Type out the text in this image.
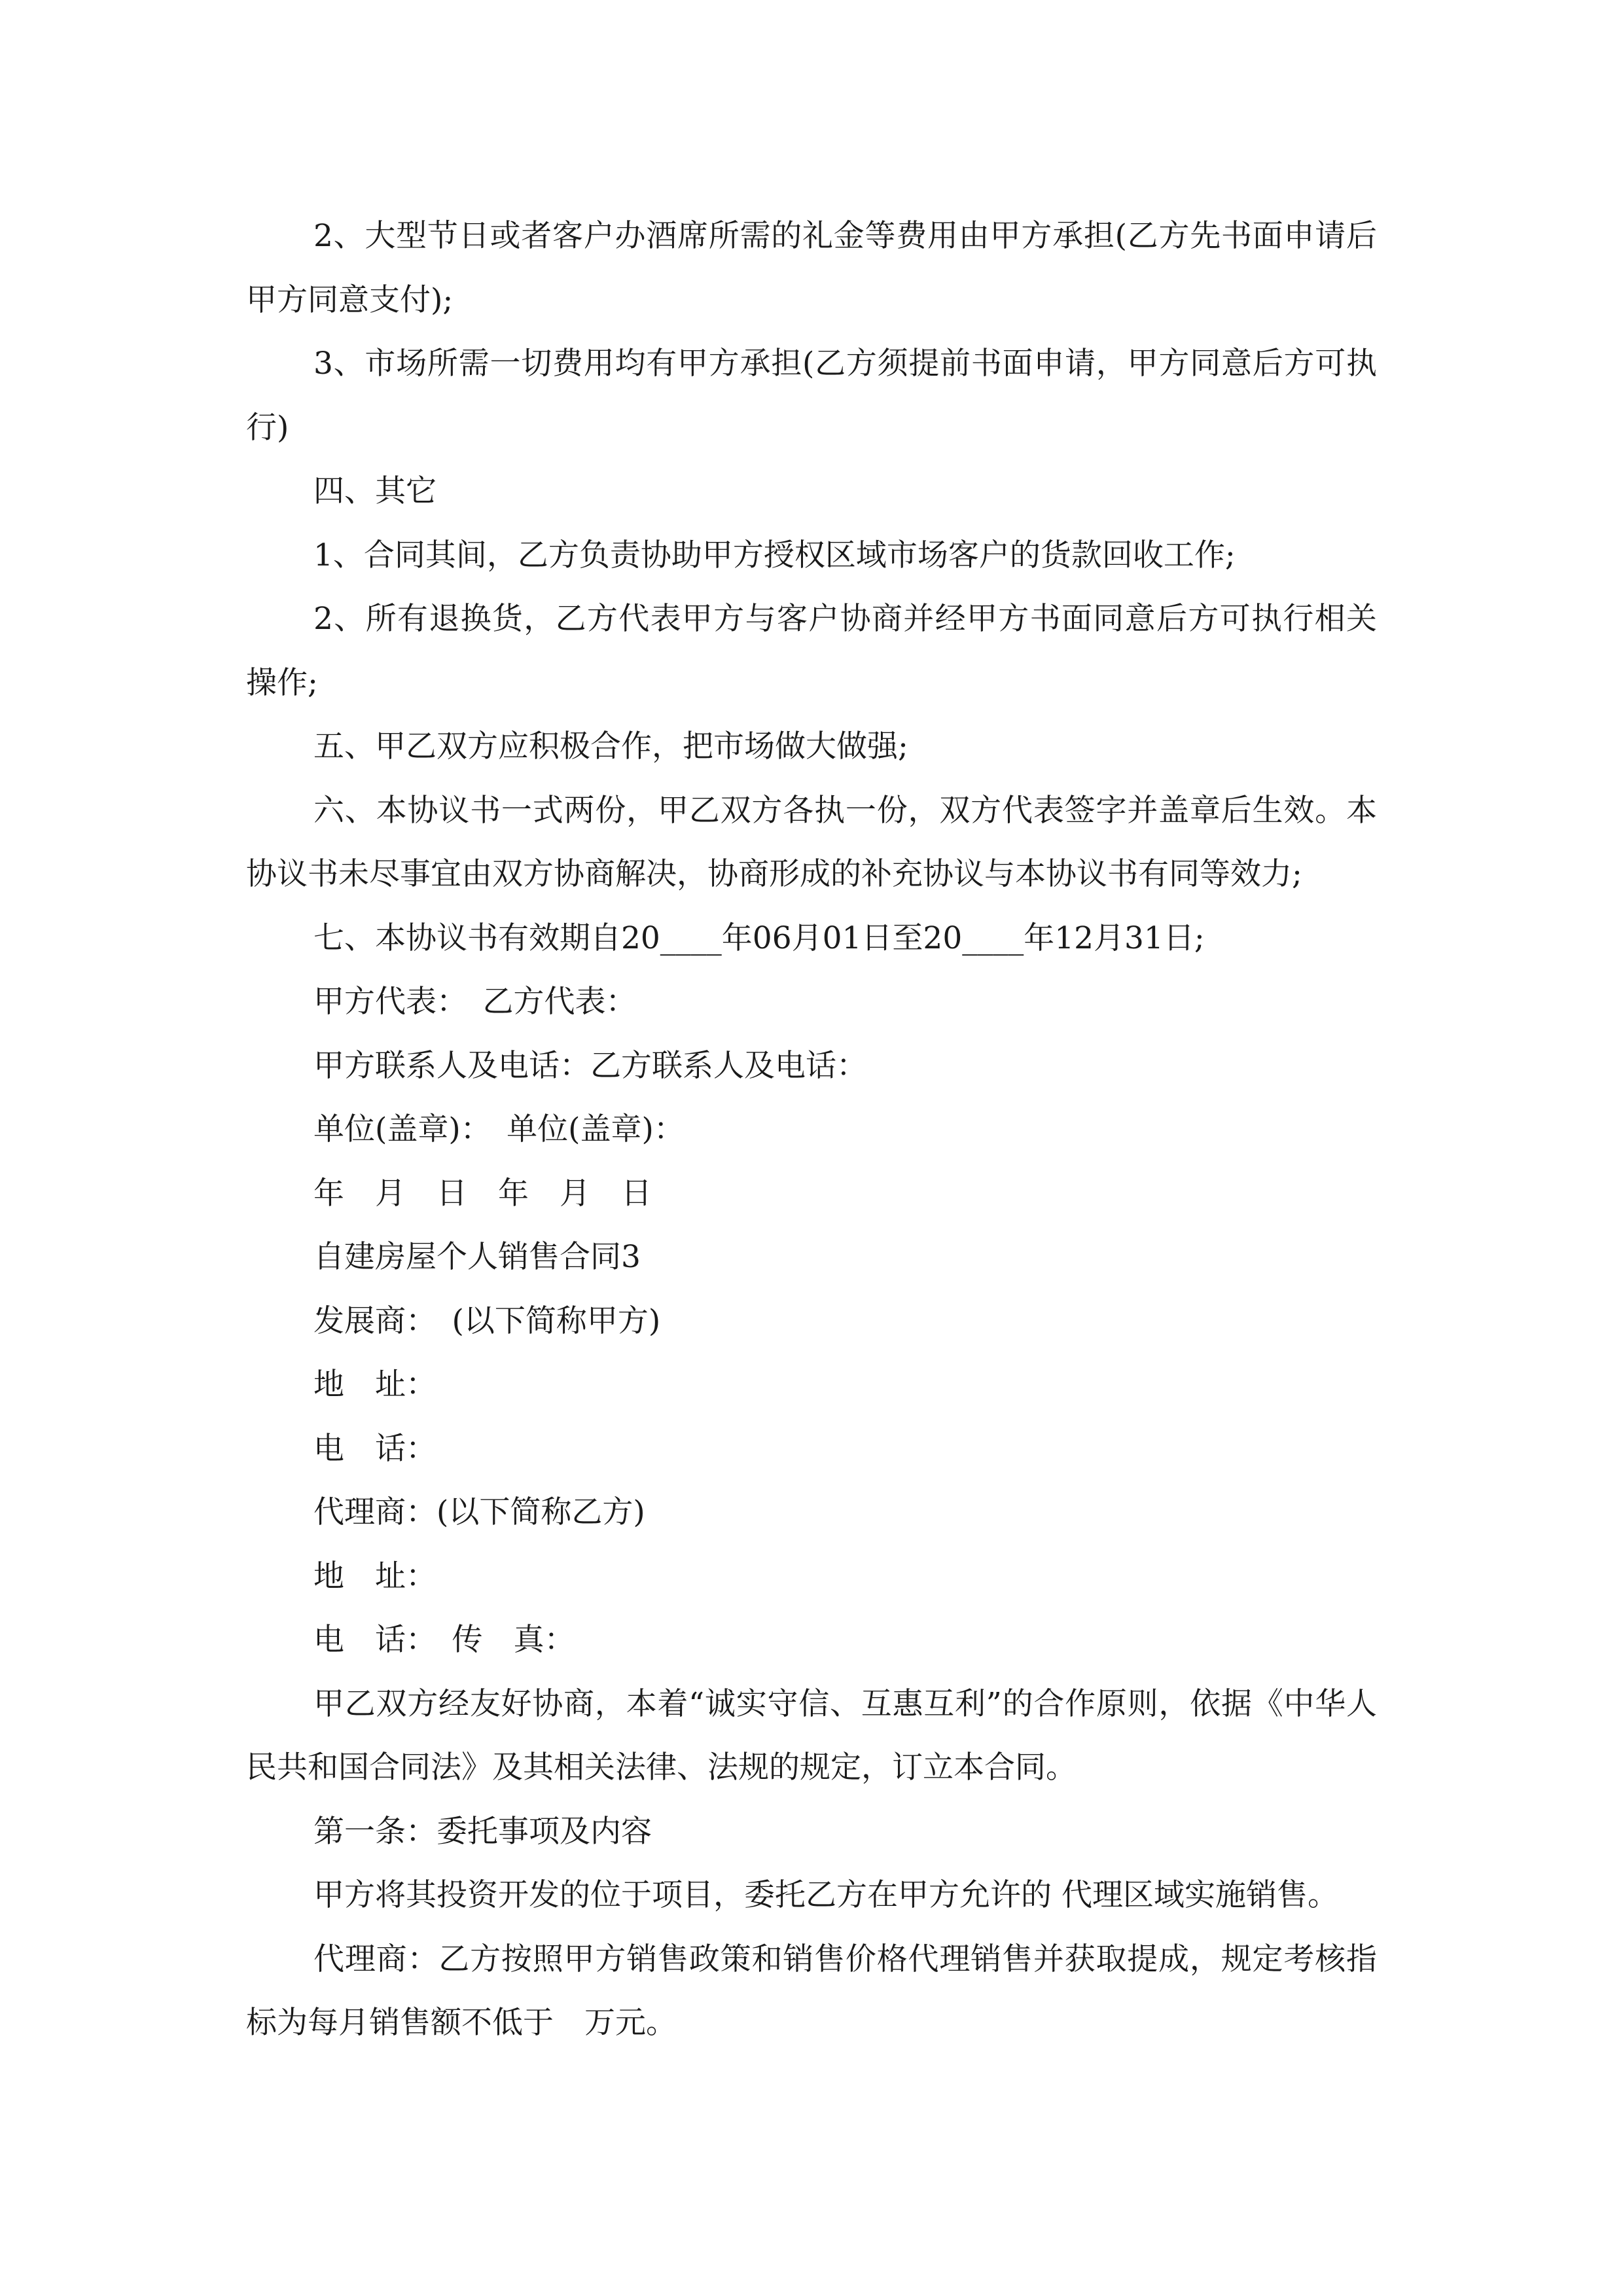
2、大型节日或者客户办酒席所需的礼金等费用由甲方承担(乙方先书面申请后甲方同意支付);

3、市场所需一切费用均有甲方承担(乙方须提前书面申请，甲方同意后方可执行)

四、其它

1、合同其间，乙方负责协助甲方授权区域市场客户的货款回收工作;

2、所有退换货，乙方代表甲方与客户协商并经甲方书面同意后方可执行相关操作;

五、甲乙双方应积极合作，把市场做大做强;

六、本协议书一式两份，甲乙双方各执一份，双方代表签字并盖章后生效。本协议书未尽事宜由双方协商解决，协商形成的补充协议与本协议书有同等效力;

七、本协议书有效期自20____年06月01日至20____年12月31日;

甲方代表：　乙方代表：

甲方联系人及电话：乙方联系人及电话：

单位(盖章)：　单位(盖章)：

年　月　日　年　月　日

自建房屋个人销售合同3

发展商：　(以下简称甲方)

地　址：

电　话：

代理商：(以下简称乙方)

地　址：

电　话：　传　真：

甲乙双方经友好协商，本着“诚实守信、互惠互利”的合作原则，依据《中华人民共和国合同法》及其相关法律、法规的规定，订立本合同。

第一条：委托事项及内容

甲方将其投资开发的位于项目，委托乙方在甲方允许的 代理区域实施销售。

代理商：乙方按照甲方销售政策和销售价格代理销售并获取提成，规定考核指标为每月销售额不低于　万元。
